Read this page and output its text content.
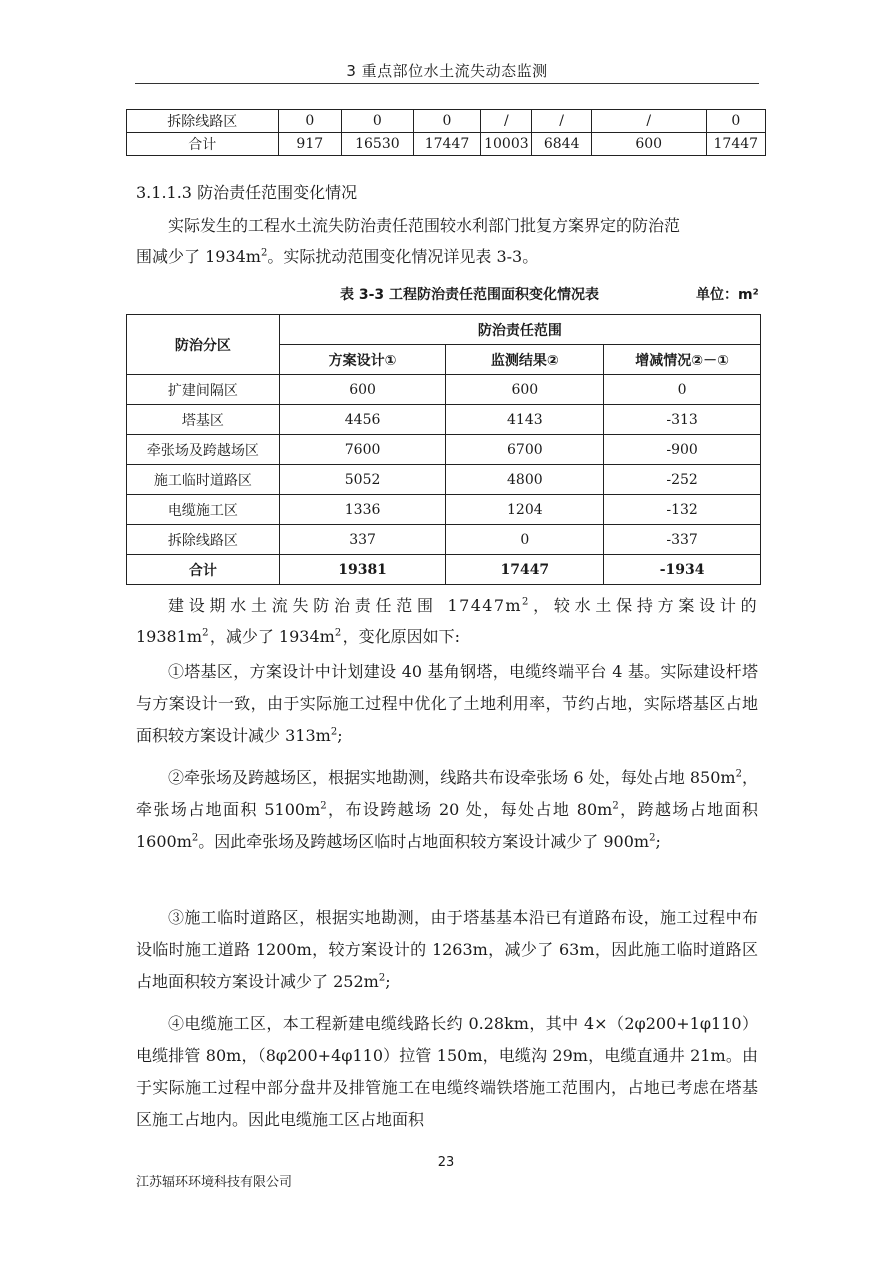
3 重点部位水土流失动态监测
拆除线路区	0	0	0	/	/	/	0
合计	917	16530	17447	10003	6844	600	17447
3.1.1.3 防治责任范围变化情况
实际发生的工程水土流失防治责任范围较水利部门批复方案界定的防治范
围减少了 $1934m^2$。实际扰动范围变化情况详见表 3-3。
表 3-3 工程防治责任范围面积变化情况表	单位：m²
防治分区	防治责任范围		
	方案设计①	监测结果②	增减情况②－①
扩建间隔区	600	600	0
塔基区	4456	4143	-313
牵张场及跨越场区	7600	6700	-900
施工临时道路区	5052	4800	-252
电缆施工区	1336	1204	-132
拆除线路区	337	0	-337
合计	19381	17447	-1934
建设期水土流失防治责任范围 $17447m^2$，较水土保持方案设计的$19381m^2$，减少了 $1934m^2$，变化原因如下:
①塔基区，方案设计中计划建设 40 基角钢塔，电缆终端平台 4 基。实际建设杆塔与方案设计一致，由于实际施工过程中优化了土地利用率，节约占地，实际塔基区占地面积较方案设计减少 $313m^2$;
②牵张场及跨越场区，根据实地勘测，线路共布设牵张场 6 处，每处占地 $850m^2$，牵张场占地面积 $5100m^2$，布设跨越场 20 处，每处占地 $80m^2$，跨越场占地面积 $1600m^2$。因此牵张场及跨越场区临时占地面积较方案设计减少了 $900m^2$;
③施工临时道路区，根据实地勘测，由于塔基基本沿已有道路布设，施工过程中布设临时施工道路 1200m，较方案设计的 1263m，减少了 63m，因此施工临时道路区占地面积较方案设计减少了 $252m^2$;
④电缆施工区，本工程新建电缆线路长约 0.28km，其中 4×（2φ200+1φ110）电缆排管 80m，（8φ200+4φ110）拉管 150m，电缆沟 29m，电缆直通井 21m。由于实际施工过程中部分盘井及排管施工在电缆终端铁塔施工范围内，占地已考虑在塔基区施工占地内。因此电缆施工区占地面积
23
江苏辐环环境科技有限公司
